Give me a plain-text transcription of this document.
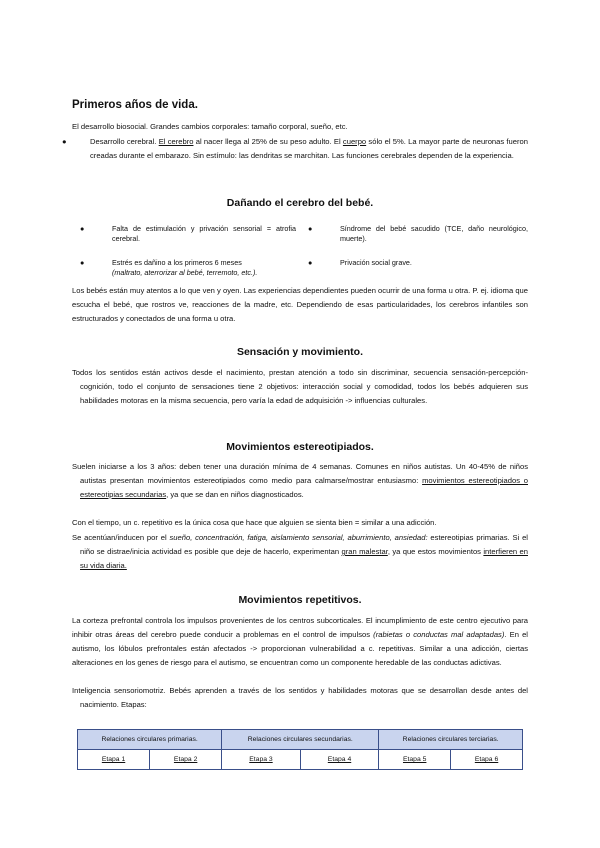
Primeros años de vida.
El desarrollo biosocial. Grandes cambios corporales: tamaño corporal, sueño, etc.
●	Desarrollo cerebral. El cerebro al nacer llega al 25% de su peso adulto. El cuerpo sólo el 5%. La mayor parte de neuronas fueron creadas durante el embarazo. Sin estímulo: las dendritas se marchitan. Las funciones cerebrales dependen de la experiencia.
Dañando el cerebro del bebé.
●	Falta de estimulación y privación sensorial = atrofia cerebral.
●	Estrés es dañino a los primeros 6 meses
(maltrato, aterrorizar al bebé, terremoto, etc.).
●	Síndrome del bebé sacudido (TCE, daño neurológico, muerte).
●	Privación social grave.
Los bebés están muy atentos a lo que ven y oyen. Las experiencias dependientes pueden ocurrir de una forma u otra. P. ej. idioma que escucha el bebé, que rostros ve, reacciones de la madre, etc. Dependiendo de esas particularidades, los cerebros infantiles son estructurados y conectados de una forma u otra.
Sensación y movimiento.
Todos los sentidos están activos desde el nacimiento, prestan atención a todo sin discriminar, secuencia sensación-percepción-cognición, todo el conjunto de sensaciones tiene 2 objetivos: interacción social y comodidad, todos los bebés adquieren sus habilidades motoras en la misma secuencia, pero varía la edad de adquisición -> influencias culturales.
Movimientos estereotipiados.
Suelen iniciarse a los 3 años: deben tener una duración mínima de 4 semanas. Comunes en niños autistas. Un 40-45% de niños autistas presentan movimientos estereotipiados como medio para calmarse/mostrar entusiasmo: movimientos estereotipiados o estereotipias secundarias, ya que se dan en niños diagnosticados.
Con el tiempo, un c. repetitivo es la única cosa que hace que alguien se sienta bien = similar a una adicción.
Se acentúan/inducen por el sueño, concentración, fatiga, aislamiento sensorial, aburrimiento, ansiedad: estereotipias primarias. Si el niño se distrae/inicia actividad es posible que deje de hacerlo, experimentan gran malestar, ya que estos movimientos interfieren en su vida diaria.
Movimientos repetitivos.
La corteza prefrontal controla los impulsos provenientes de los centros subcorticales. El incumplimiento de este centro ejecutivo para inhibir otras áreas del cerebro puede conducir a problemas en el control de impulsos (rabietas o conductas mal adaptadas). En el autismo, los lóbulos prefrontales están afectados -> proporcionan vulnerabilidad a c. repetitivas. Similar a una adicción, ciertas alteraciones en los genes de riesgo para el autismo, se encuentran como un componente heredable de las conductas adictivas.
Inteligencia sensoriomotriz. Bebés aprenden a través de los sentidos y habilidades motoras que se desarrollan desde antes del nacimiento. Etapas:
Relaciones circulares primarias.		Relaciones circulares secundarias.		Relaciones circulares terciarias.	
Etapa 1	Etapa 2	Etapa 3	Etapa 4	Etapa 5	Etapa 6
